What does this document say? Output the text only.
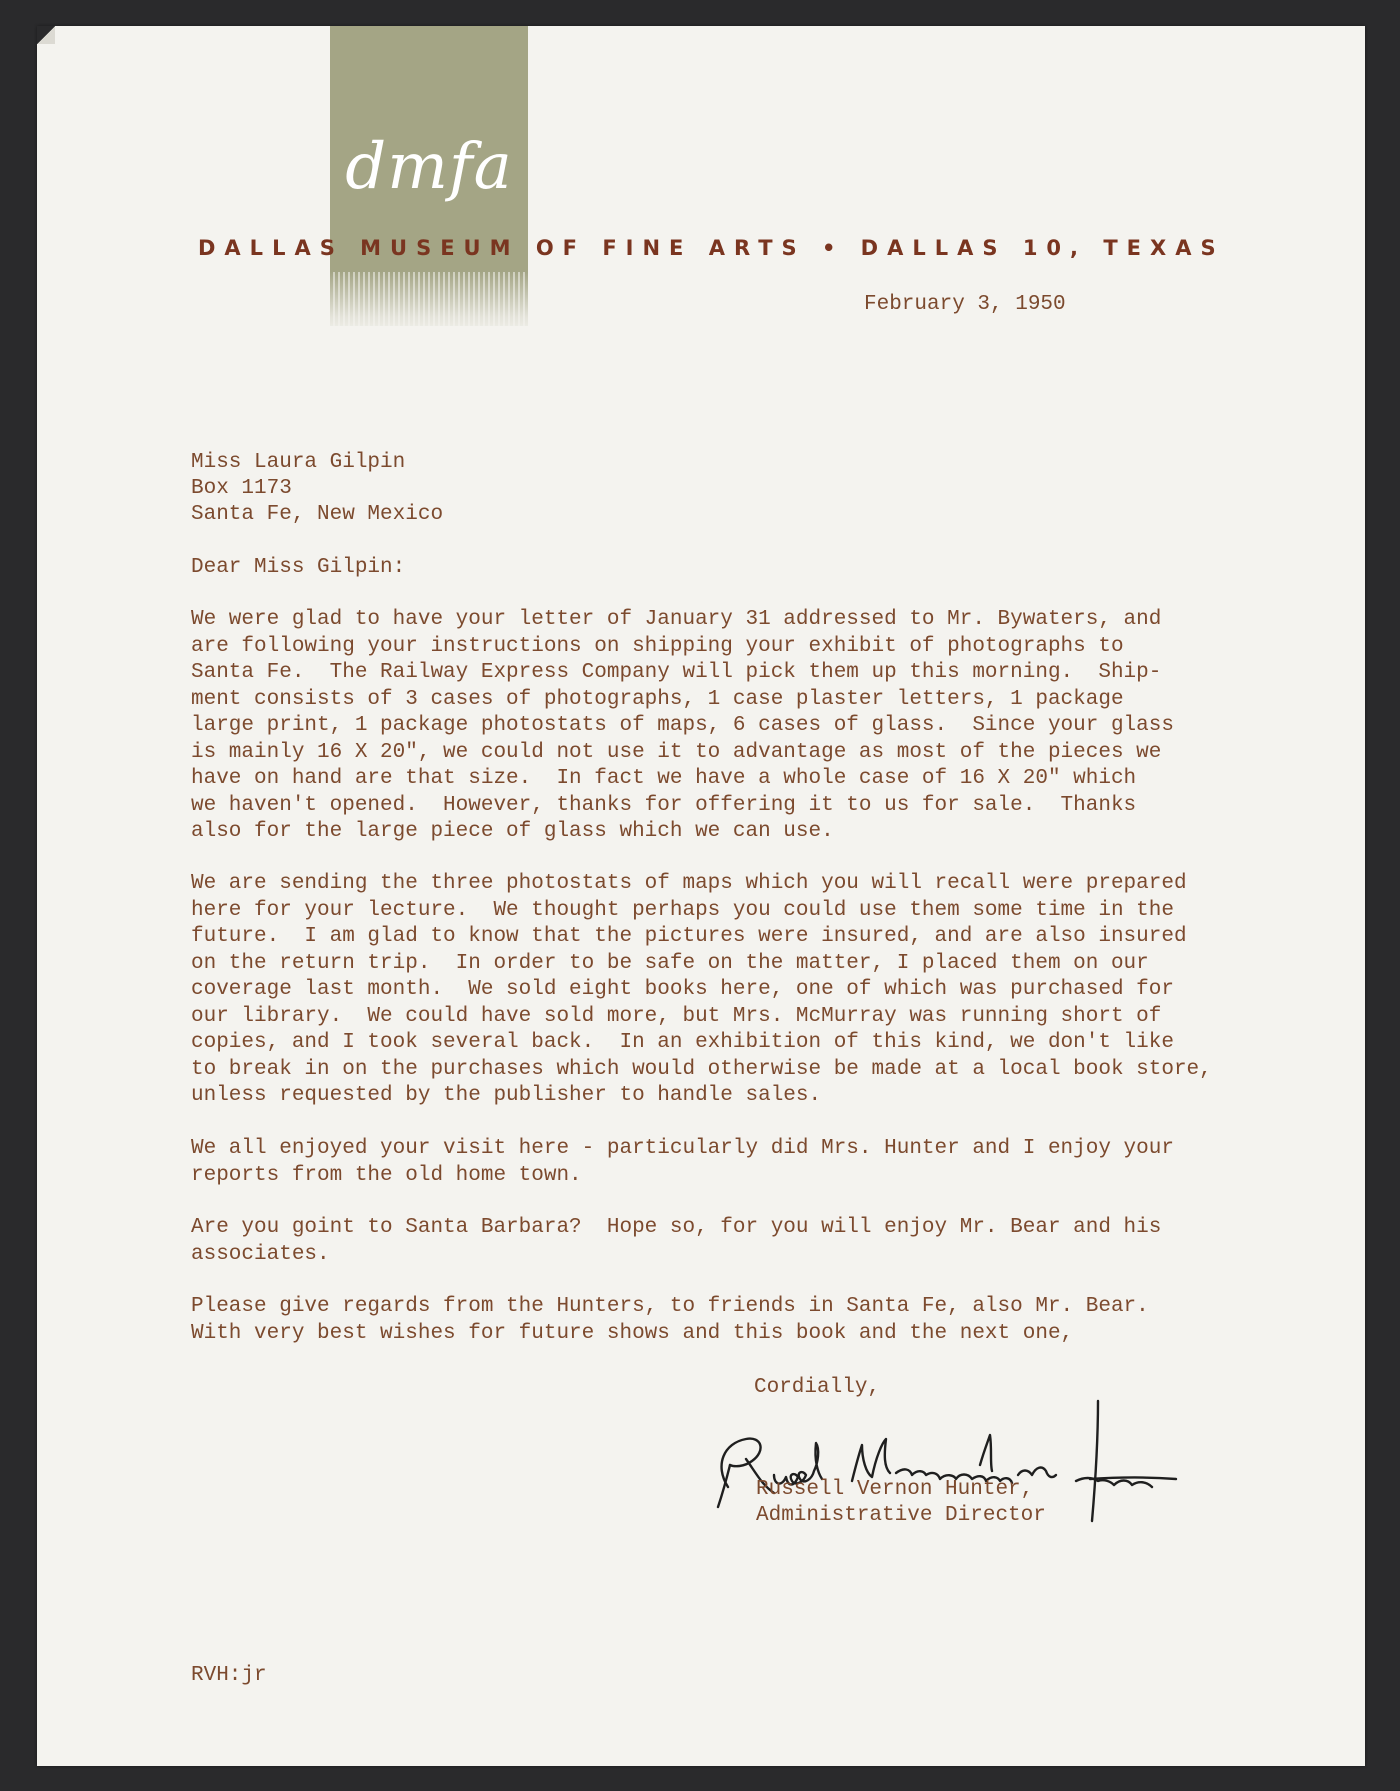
dmfa
DALLAS MUSEUM OF FINE ARTS • DALLAS 10, TEXAS
February 3, 1950
Miss Laura Gilpin
Box 1173
Santa Fe, New Mexico
Dear Miss Gilpin:
We were glad to have your letter of January 31 addressed to Mr. Bywaters, and
are following your instructions on shipping your exhibit of photographs to
Santa Fe.  The Railway Express Company will pick them up this morning.  Ship-
ment consists of 3 cases of photographs, 1 case plaster letters, 1 package
large print, 1 package photostats of maps, 6 cases of glass.  Since your glass
is mainly 16 X 20", we could not use it to advantage as most of the pieces we
have on hand are that size.  In fact we have a whole case of 16 X 20" which
we haven't opened.  However, thanks for offering it to us for sale.  Thanks
also for the large piece of glass which we can use.
We are sending the three photostats of maps which you will recall were prepared
here for your lecture.  We thought perhaps you could use them some time in the
future.  I am glad to know that the pictures were insured, and are also insured
on the return trip.  In order to be safe on the matter, I placed them on our
coverage last month.  We sold eight books here, one of which was purchased for
our library.  We could have sold more, but Mrs. McMurray was running short of
copies, and I took several back.  In an exhibition of this kind, we don't like
to break in on the purchases which would otherwise be made at a local book store,
unless requested by the publisher to handle sales.
We all enjoyed your visit here - particularly did Mrs. Hunter and I enjoy your
reports from the old home town.
Are you goint to Santa Barbara?  Hope so, for you will enjoy Mr. Bear and his
associates.
Please give regards from the Hunters, to friends in Santa Fe, also Mr. Bear.
With very best wishes for future shows and this book and the next one,
Cordially,
Russell Vernon Hunter,
Administrative Director
RVH:jr
